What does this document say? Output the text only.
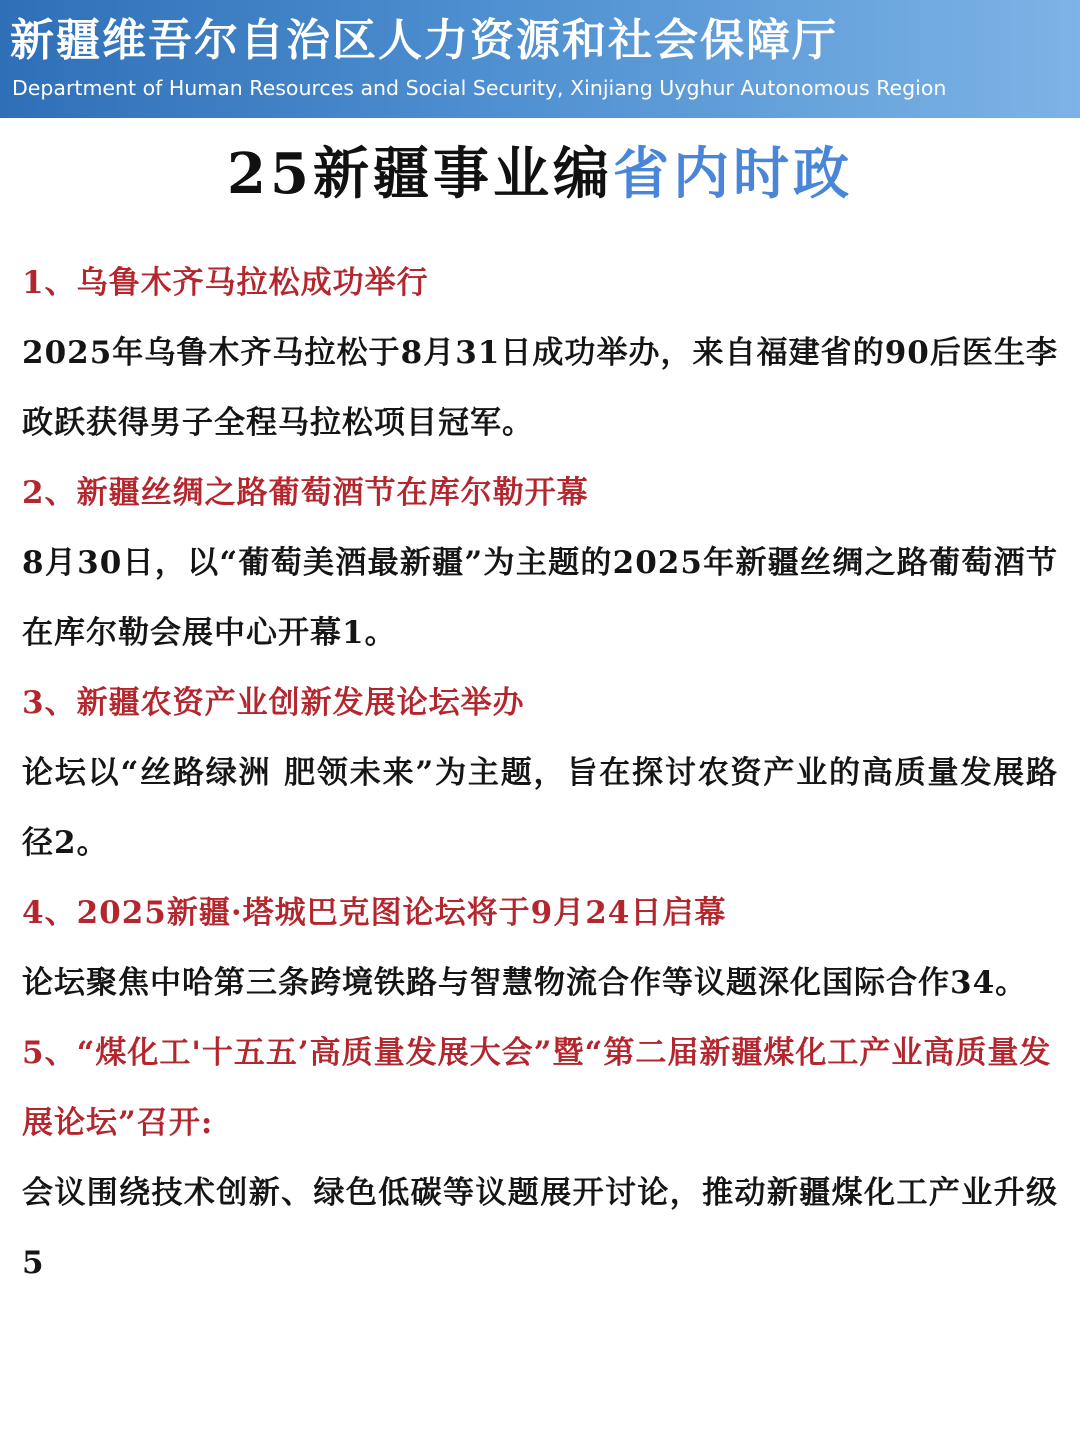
新疆维吾尔自治区人力资源和社会保障厅
Department of Human Resources and Social Security, Xinjiang Uyghur Autonomous Region
25新疆事业编省内时政

1、乌鲁木齐马拉松成功举行

2025年乌鲁木齐马拉松于8月31日成功举办，来自福建省的90后医生李政跃获得男子全程马拉松项目冠军。

2、新疆丝绸之路葡萄酒节在库尔勒开幕

8月30日，以“葡萄美酒最新疆”为主题的2025年新疆丝绸之路葡萄酒节在库尔勒会展中心开幕1。

3、新疆农资产业创新发展论坛举办

论坛以“丝路绿洲 肥领未来”为主题，旨在探讨农资产业的高质量发展路径2。

4、2025新疆·塔城巴克图论坛将于9月24日启幕

论坛聚焦中哈第三条跨境铁路与智慧物流合作等议题深化国际合作34。

5、“煤化工'十五五’高质量发展大会”暨“第二届新疆煤化工产业高质量发展论坛”召开:

会议围绕技术创新、绿色低碳等议题展开讨论，推动新疆煤化工产业升级5
